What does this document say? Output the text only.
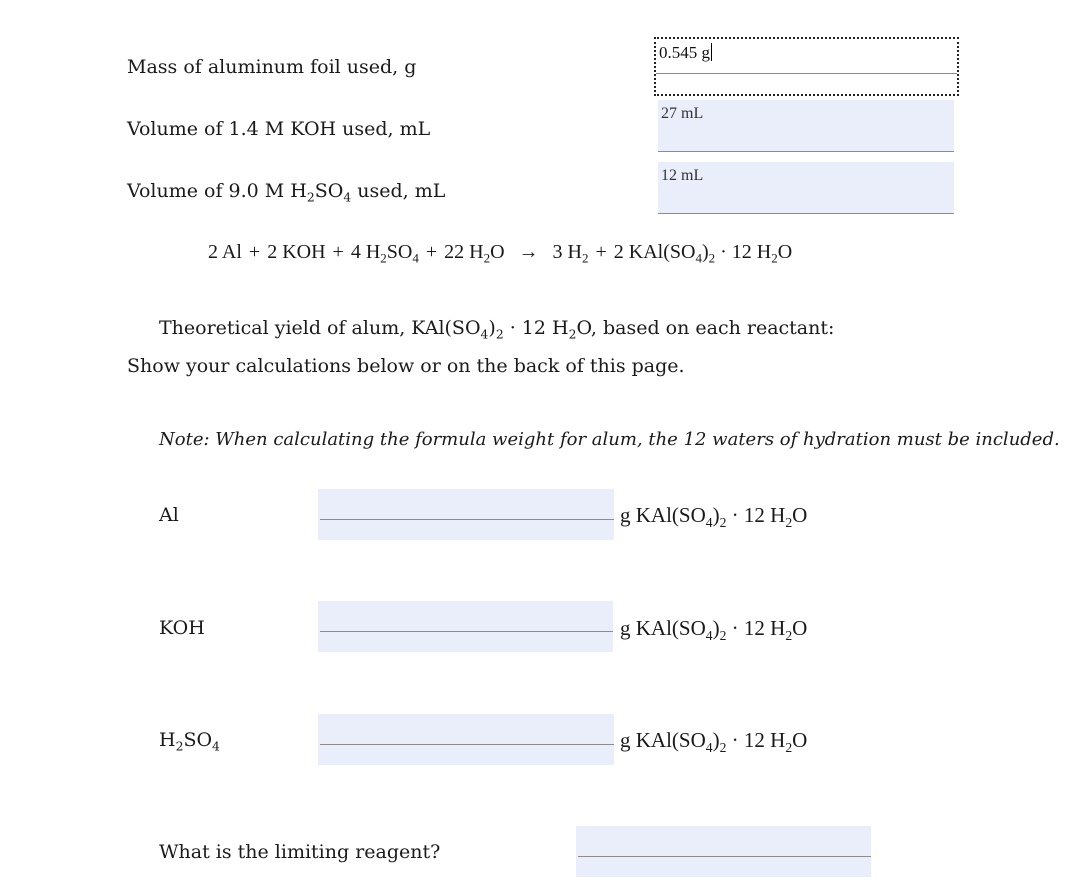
Mass of aluminum foil used, g
0.545 g
Volume of 1.4 M KOH used, mL
27 mL
Volume of 9.0 M $H_2SO_4$ used, mL
12 mL
2 Al + 2 KOH + 4 $H_2SO_4 + 22$ $H_2O \to 3$ $H_2 + 2$ $KAl(SO_4)_2 \cdot 12$ $H_2O$
Theoretical yield of alum, $KAl(SO_4)_2 \cdot 12$ $H_2O$, based on each reactant:
Show your calculations below or on the back of this page.
Note: When calculating the formula weight for alum, the 12 waters of hydration must be included.
Al	g $KAl(SO_4)_2 \cdot 12$ $H_2O$
KOH	g $KAl(SO_4)_2 \cdot 12$ $H_2O$
$H_2SO_4$	g $KAl(SO_4)_2 \cdot 12$ $H_2O$
What is the limiting reagent?
